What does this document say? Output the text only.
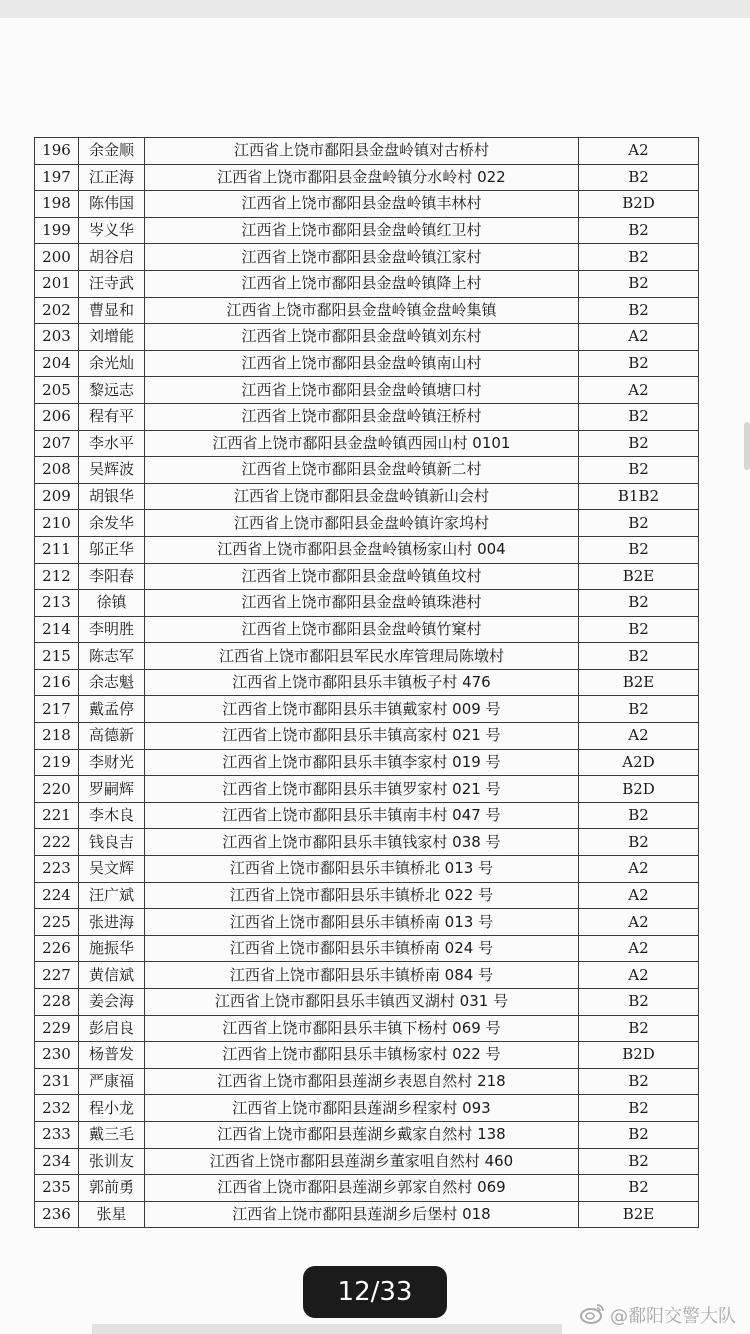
196	余金顺	江西省上饶市鄱阳县金盘岭镇对古桥村	A2
197	江正海	江西省上饶市鄱阳县金盘岭镇分水岭村 022	B2
198	陈伟国	江西省上饶市鄱阳县金盘岭镇丰林村	B2D
199	岑义华	江西省上饶市鄱阳县金盘岭镇红卫村	B2
200	胡谷启	江西省上饶市鄱阳县金盘岭镇江家村	B2
201	汪寺武	江西省上饶市鄱阳县金盘岭镇降上村	B2
202	曹显和	江西省上饶市鄱阳县金盘岭镇金盘岭集镇	B2
203	刘增能	江西省上饶市鄱阳县金盘岭镇刘东村	A2
204	余光灿	江西省上饶市鄱阳县金盘岭镇南山村	B2
205	黎远志	江西省上饶市鄱阳县金盘岭镇塘口村	A2
206	程有平	江西省上饶市鄱阳县金盘岭镇汪桥村	B2
207	李水平	江西省上饶市鄱阳县金盘岭镇西园山村 0101	B2
208	吴辉波	江西省上饶市鄱阳县金盘岭镇新二村	B2
209	胡银华	江西省上饶市鄱阳县金盘岭镇新山会村	B1B2
210	余发华	江西省上饶市鄱阳县金盘岭镇许家坞村	B2
211	邬正华	江西省上饶市鄱阳县金盘岭镇杨家山村 004	B2
212	李阳春	江西省上饶市鄱阳县金盘岭镇鱼坟村	B2E
213	徐镇	江西省上饶市鄱阳县金盘岭镇珠港村	B2
214	李明胜	江西省上饶市鄱阳县金盘岭镇竹窠村	B2
215	陈志军	江西省上饶市鄱阳县军民水库管理局陈墩村	B2
216	余志魁	江西省上饶市鄱阳县乐丰镇板子村 476	B2E
217	戴孟停	江西省上饶市鄱阳县乐丰镇戴家村 009 号	B2
218	高德新	江西省上饶市鄱阳县乐丰镇高家村 021 号	A2
219	李财光	江西省上饶市鄱阳县乐丰镇李家村 019 号	A2D
220	罗嗣辉	江西省上饶市鄱阳县乐丰镇罗家村 021 号	B2D
221	李木良	江西省上饶市鄱阳县乐丰镇南丰村 047 号	B2
222	钱良吉	江西省上饶市鄱阳县乐丰镇钱家村 038 号	B2
223	吴文辉	江西省上饶市鄱阳县乐丰镇桥北 013 号	A2
224	汪广斌	江西省上饶市鄱阳县乐丰镇桥北 022 号	A2
225	张进海	江西省上饶市鄱阳县乐丰镇桥南 013 号	A2
226	施振华	江西省上饶市鄱阳县乐丰镇桥南 024 号	A2
227	黄信斌	江西省上饶市鄱阳县乐丰镇桥南 084 号	A2
228	姜会海	江西省上饶市鄱阳县乐丰镇西叉湖村 031 号	B2
229	彭启良	江西省上饶市鄱阳县乐丰镇下杨村 069 号	B2
230	杨普发	江西省上饶市鄱阳县乐丰镇杨家村 022 号	B2D
231	严康福	江西省上饶市鄱阳县莲湖乡表恩自然村 218	B2
232	程小龙	江西省上饶市鄱阳县莲湖乡程家村 093	B2
233	戴三毛	江西省上饶市鄱阳县莲湖乡戴家自然村 138	B2
234	张训友	江西省上饶市鄱阳县莲湖乡董家咀自然村 460	B2
235	郭前勇	江西省上饶市鄱阳县莲湖乡郭家自然村 069	B2
236	张星	江西省上饶市鄱阳县莲湖乡后堡村 018	B2E
12/33
@鄱阳交警大队
